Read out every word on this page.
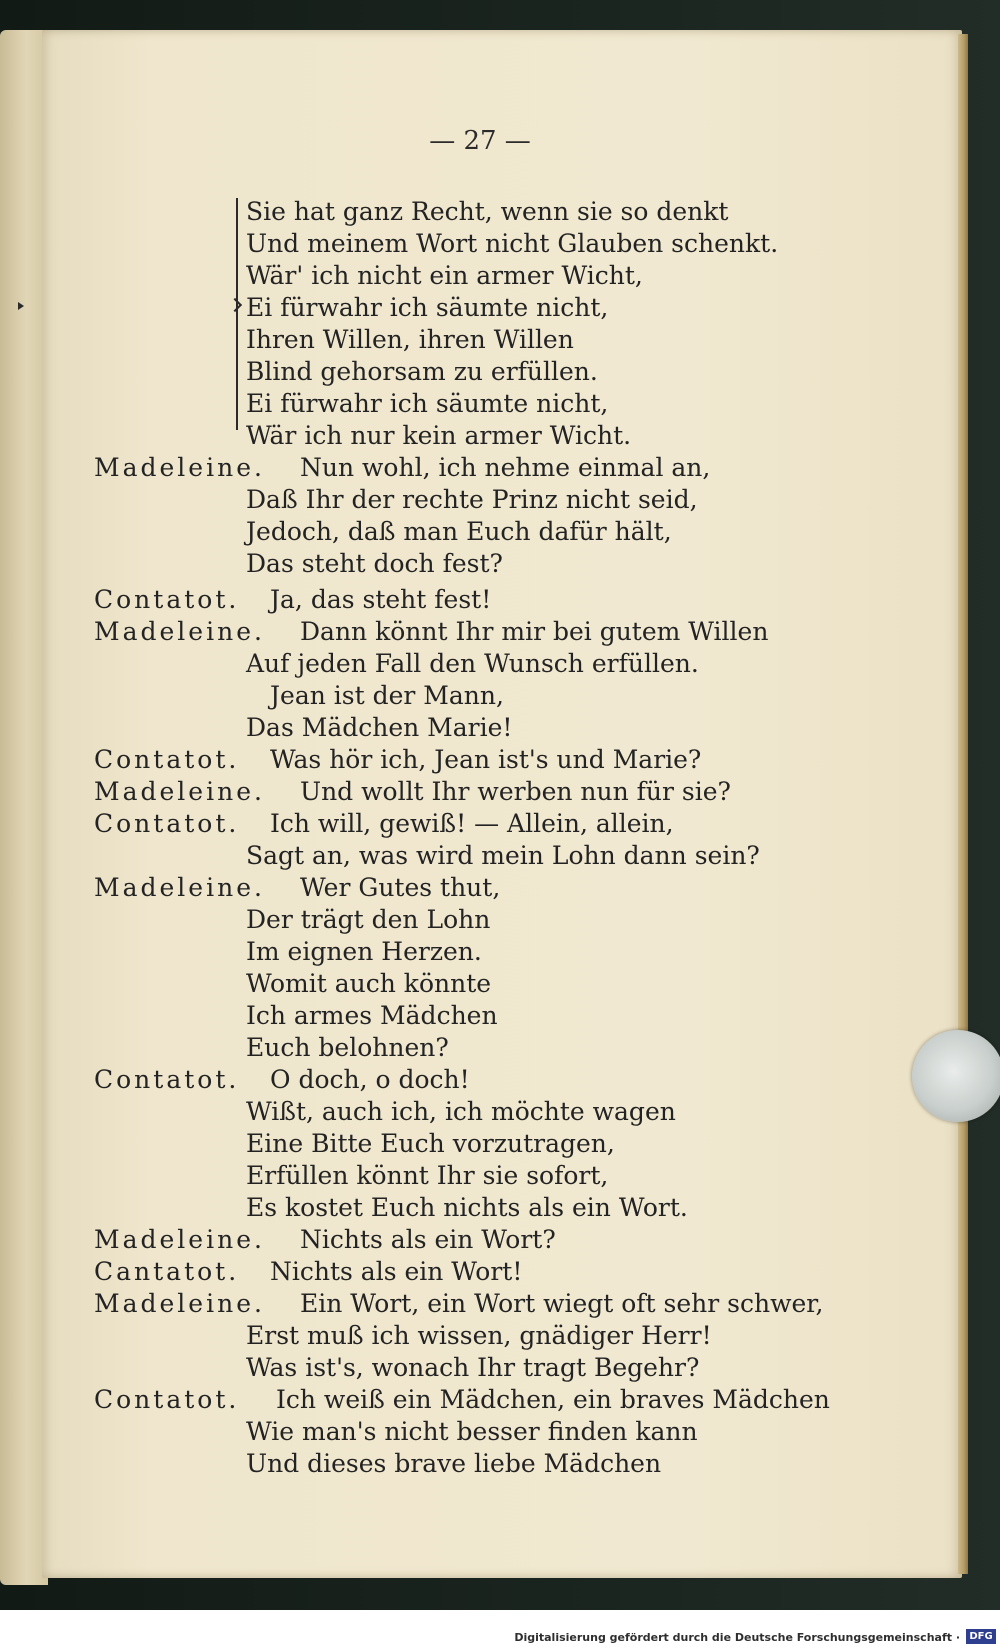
— 27 —
Sie hat ganz Recht, wenn sie so denkt
Und meinem Wort nicht Glauben schenkt.
Wär' ich nicht ein armer Wicht,
Ei fürwahr ich säumte nicht,
Ihren Willen, ihren Willen
Blind gehorsam zu erfüllen.
Ei fürwahr ich säumte nicht,
Wär ich nur kein armer Wicht.
Madeleine. Nun wohl, ich nehme einmal an,
Daß Ihr der rechte Prinz nicht seid,
Jedoch, daß man Euch dafür hält,
Das steht doch fest?
Contatot. Ja, das steht fest!
Madeleine. Dann könnt Ihr mir bei gutem Willen
Auf jeden Fall den Wunsch erfüllen.
Jean ist der Mann,
Das Mädchen Marie!
Contatot. Was hör ich, Jean ist's und Marie?
Madeleine. Und wollt Ihr werben nun für sie?
Contatot. Ich will, gewiß! — Allein, allein,
Sagt an, was wird mein Lohn dann sein?
Madeleine. Wer Gutes thut,
Der trägt den Lohn
Im eignen Herzen.
Womit auch könnte
Ich armes Mädchen
Euch belohnen?
Contatot. O doch, o doch!
Wißt, auch ich, ich möchte wagen
Eine Bitte Euch vorzutragen,
Erfüllen könnt Ihr sie sofort,
Es kostet Euch nichts als ein Wort.
Madeleine. Nichts als ein Wort?
Cantatot. Nichts als ein Wort!
Madeleine. Ein Wort, ein Wort wiegt oft sehr schwer,
Erst muß ich wissen, gnädiger Herr!
Was ist's, wonach Ihr tragt Begehr?
Contatot. Ich weiß ein Mädchen, ein braves Mädchen
Wie man's nicht besser finden kann
Und dieses brave liebe Mädchen
Digitalisierung gefördert durch die Deutsche Forschungsgemeinschaft · DFG
